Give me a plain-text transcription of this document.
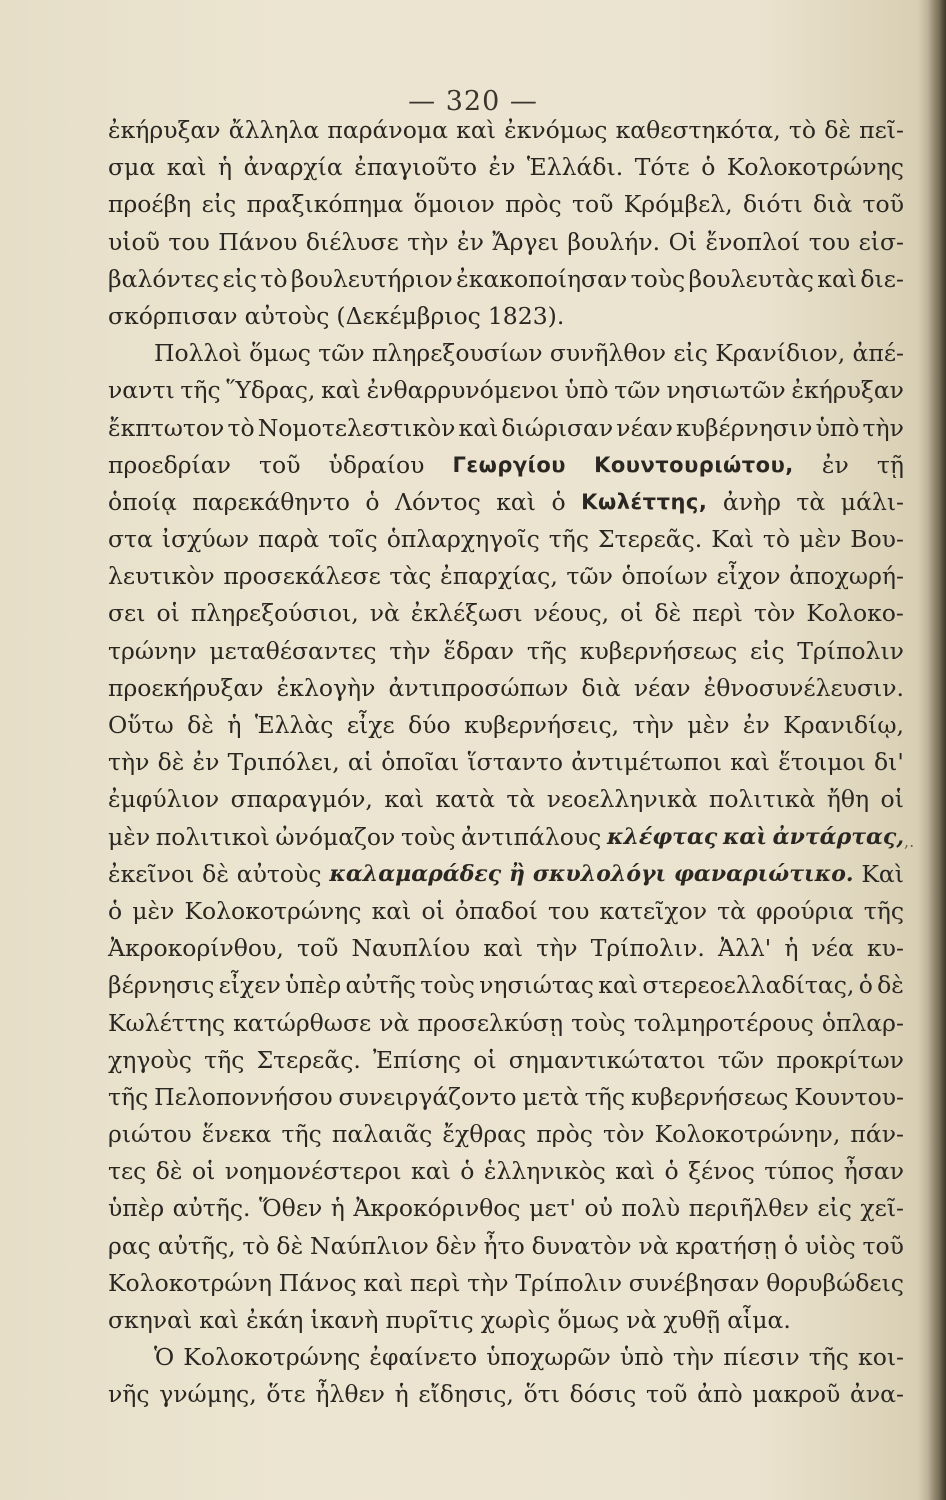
— 320 —
ἐκήρυξαν ἄλληλα παράνομα καὶ ἐκνόμως καθεστηκότα, τὸ δὲ πεῖ-
σμα καὶ ἡ ἀναρχία ἐπαγιοῦτο ἐν Ἑλλάδι. Τότε ὁ Κολοκοτρώνης
προέβη εἰς πραξικόπημα ὅμοιον πρὸς τοῦ Κρόμβελ, διότι διὰ τοῦ
υἱοῦ του Πάνου διέλυσε τὴν ἐν Ἄργει βουλήν. Οἱ ἔνοπλοί του εἰσ-
βαλόντες εἰς τὸ βουλευτήριον ἐκακοποίησαν τοὺς βουλευτὰς καὶ διε-
σκόρπισαν αὐτοὺς (Δεκέμβριος 1823).
Πολλοὶ ὅμως τῶν πληρεξουσίων συνῆλθον εἰς Κρανίδιον, ἀπέ-
ναντι τῆς Ὕδρας, καὶ ἐνθαρρυνόμενοι ὑπὸ τῶν νησιωτῶν ἐκήρυξαν
ἔκπτωτον τὸ Νομοτελεστικὸν καὶ διώρισαν νέαν κυβέρνησιν ὑπὸ τὴν
προεδρίαν τοῦ ὑδραίου Γεωργίου Κουντουριώτου, ἐν τῇ
ὁποίᾳ παρεκάθηντο ὁ Λόντος καὶ ὁ Κωλέττης, ἀνὴρ τὰ μάλι-
στα ἰσχύων παρὰ τοῖς ὁπλαρχηγοῖς τῆς Στερεᾶς. Καὶ τὸ μὲν Βου-
λευτικὸν προσεκάλεσε τὰς ἐπαρχίας, τῶν ὁποίων εἶχον ἀποχωρή-
σει οἱ πληρεξούσιοι, νὰ ἐκλέξωσι νέους, οἱ δὲ περὶ τὸν Κολοκο-
τρώνην μεταθέσαντες τὴν ἕδραν τῆς κυβερνήσεως εἰς Τρίπολιν
προεκήρυξαν ἐκλογὴν ἀντιπροσώπων διὰ νέαν ἐθνοσυνέλευσιν.
Οὕτω δὲ ἡ Ἑλλὰς εἶχε δύο κυβερνήσεις, τὴν μὲν ἐν Κρανιδίῳ,
τὴν δὲ ἐν Τριπόλει, αἱ ὁποῖαι ἵσταντο ἀντιμέτωποι καὶ ἕτοιμοι δι'
ἐμφύλιον σπαραγμόν, καὶ κατὰ τὰ νεοελληνικὰ πολιτικὰ ἤθη οἱ
μὲν πολιτικοὶ ὠνόμαζον τοὺς ἀντιπάλους κλέφτας καὶ ἀντάρτας,
ἐκεῖνοι δὲ αὐτοὺς καλαμαράδες ἢ σκυλολόγι φαναριώτικο. Καὶ
ὁ μὲν Κολοκοτρώνης καὶ οἱ ὀπαδοί του κατεῖχον τὰ φρούρια τῆς
Ἀκροκορίνθου, τοῦ Ναυπλίου καὶ τὴν Τρίπολιν. Ἀλλ' ἡ νέα κυ-
βέρνησις εἶχεν ὑπὲρ αὐτῆς τοὺς νησιώτας καὶ στερεοελλαδίτας, ὁ δὲ
Κωλέττης κατώρθωσε νὰ προσελκύσῃ τοὺς τολμηροτέρους ὁπλαρ-
χηγοὺς τῆς Στερεᾶς. Ἐπίσης οἱ σημαντικώτατοι τῶν προκρίτων
τῆς Πελοποννήσου συνειργάζοντο μετὰ τῆς κυβερνήσεως Κουντου-
ριώτου ἕνεκα τῆς παλαιᾶς ἔχθρας πρὸς τὸν Κολοκοτρώνην, πάν-
τες δὲ οἱ νοημονέστεροι καὶ ὁ ἑλληνικὸς καὶ ὁ ξένος τύπος ἦσαν
ὑπὲρ αὐτῆς. Ὅθεν ἡ Ἀκροκόρινθος μετ' οὐ πολὺ περιῆλθεν εἰς χεῖ-
ρας αὐτῆς, τὸ δὲ Ναύπλιον δὲν ἦτο δυνατὸν νὰ κρατήσῃ ὁ υἱὸς τοῦ
Κολοκοτρώνη Πάνος καὶ περὶ τὴν Τρίπολιν συνέβησαν θορυβώδεις
σκηναὶ καὶ ἐκάη ἱκανὴ πυρῖτις χωρὶς ὅμως νὰ χυθῇ αἷμα.
Ὁ Κολοκοτρώνης ἐφαίνετο ὑποχωρῶν ὑπὸ τὴν πίεσιν τῆς κοι-
νῆς γνώμης, ὅτε ἦλθεν ἡ εἴδησις, ὅτι δόσις τοῦ ἀπὸ μακροῦ ἀνα-
,.
